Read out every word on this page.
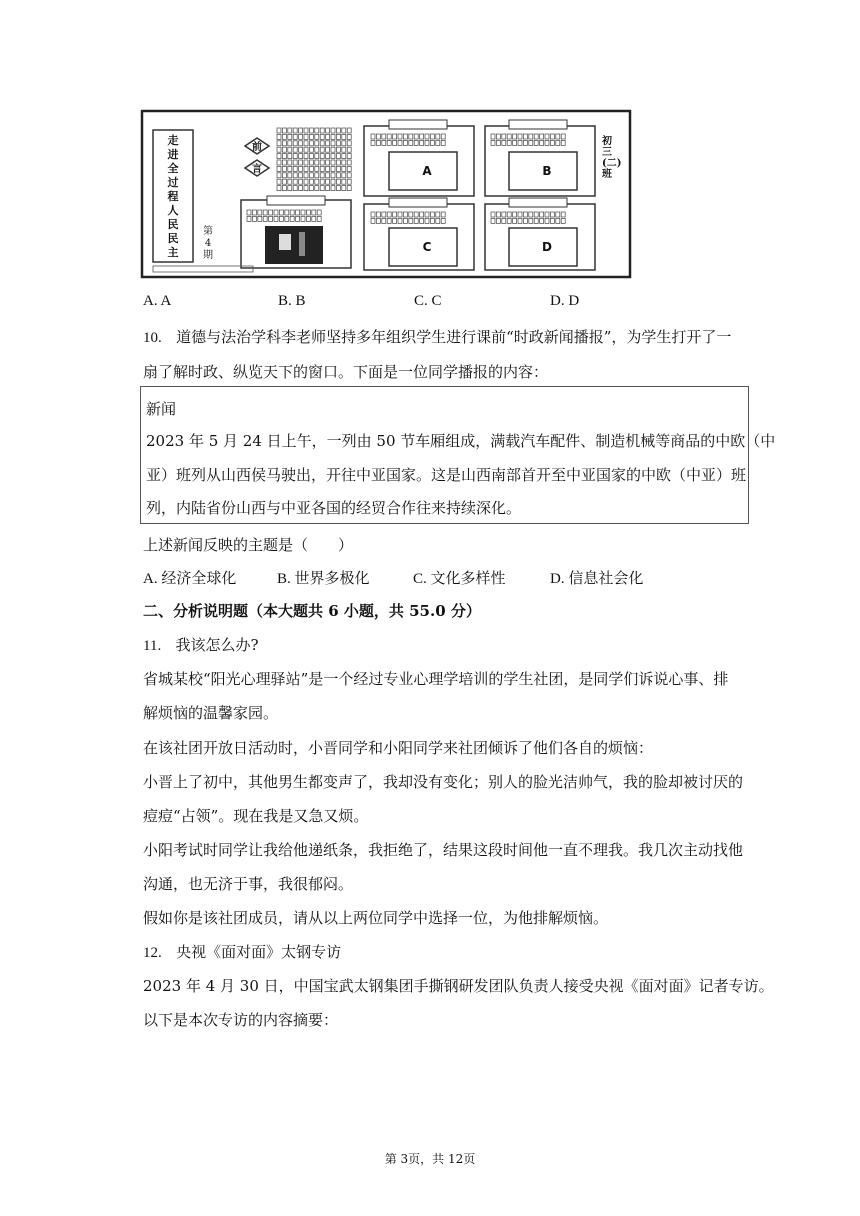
走
进
全
过
程
人
民
民
主
第4期
前
言
初三(二)班
A	B
C	D
A. A	B. B	C. C	D. D
10. 道德与法治学科李老师坚持多年组织学生进行课前“时政新闻播报”，为学生打开了一
扇了解时政、纵览天下的窗口。下面是一位同学播报的内容：
新闻
2023 年 5 月 24 日上午，一列由 50 节车厢组成，满载汽车配件、制造机械等商品的中欧（中
亚）班列从山西侯马驶出，开往中亚国家。这是山西南部首开至中亚国家的中欧（中亚）班
列，内陆省份山西与中亚各国的经贸合作往来持续深化。
上述新闻反映的主题是（　　）
A. 经济全球化	B. 世界多极化	C. 文化多样性	D. 信息社会化
二、分析说明题（本大题共 6 小题，共 55.0 分）
11. 我该怎么办?
省城某校“阳光心理驿站”是一个经过专业心理学培训的学生社团，是同学们诉说心事、排
解烦恼的温馨家园。
在该社团开放日活动时，小晋同学和小阳同学来社团倾诉了他们各自的烦恼：
小晋上了初中，其他男生都变声了，我却没有变化；别人的脸光洁帅气，我的脸却被讨厌的
痘痘“占领”。现在我是又急又烦。
小阳考试时同学让我给他递纸条，我拒绝了，结果这段时间他一直不理我。我几次主动找他
沟通，也无济于事，我很郁闷。
假如你是该社团成员，请从以上两位同学中选择一位，为他排解烦恼。
12. 央视《面对面》太钢专访
2023 年 4 月 30 日，中国宝武太钢集团手撕钢研发团队负责人接受央视《面对面》记者专访。
以下是本次专访的内容摘要：
第 3页，共 12页
